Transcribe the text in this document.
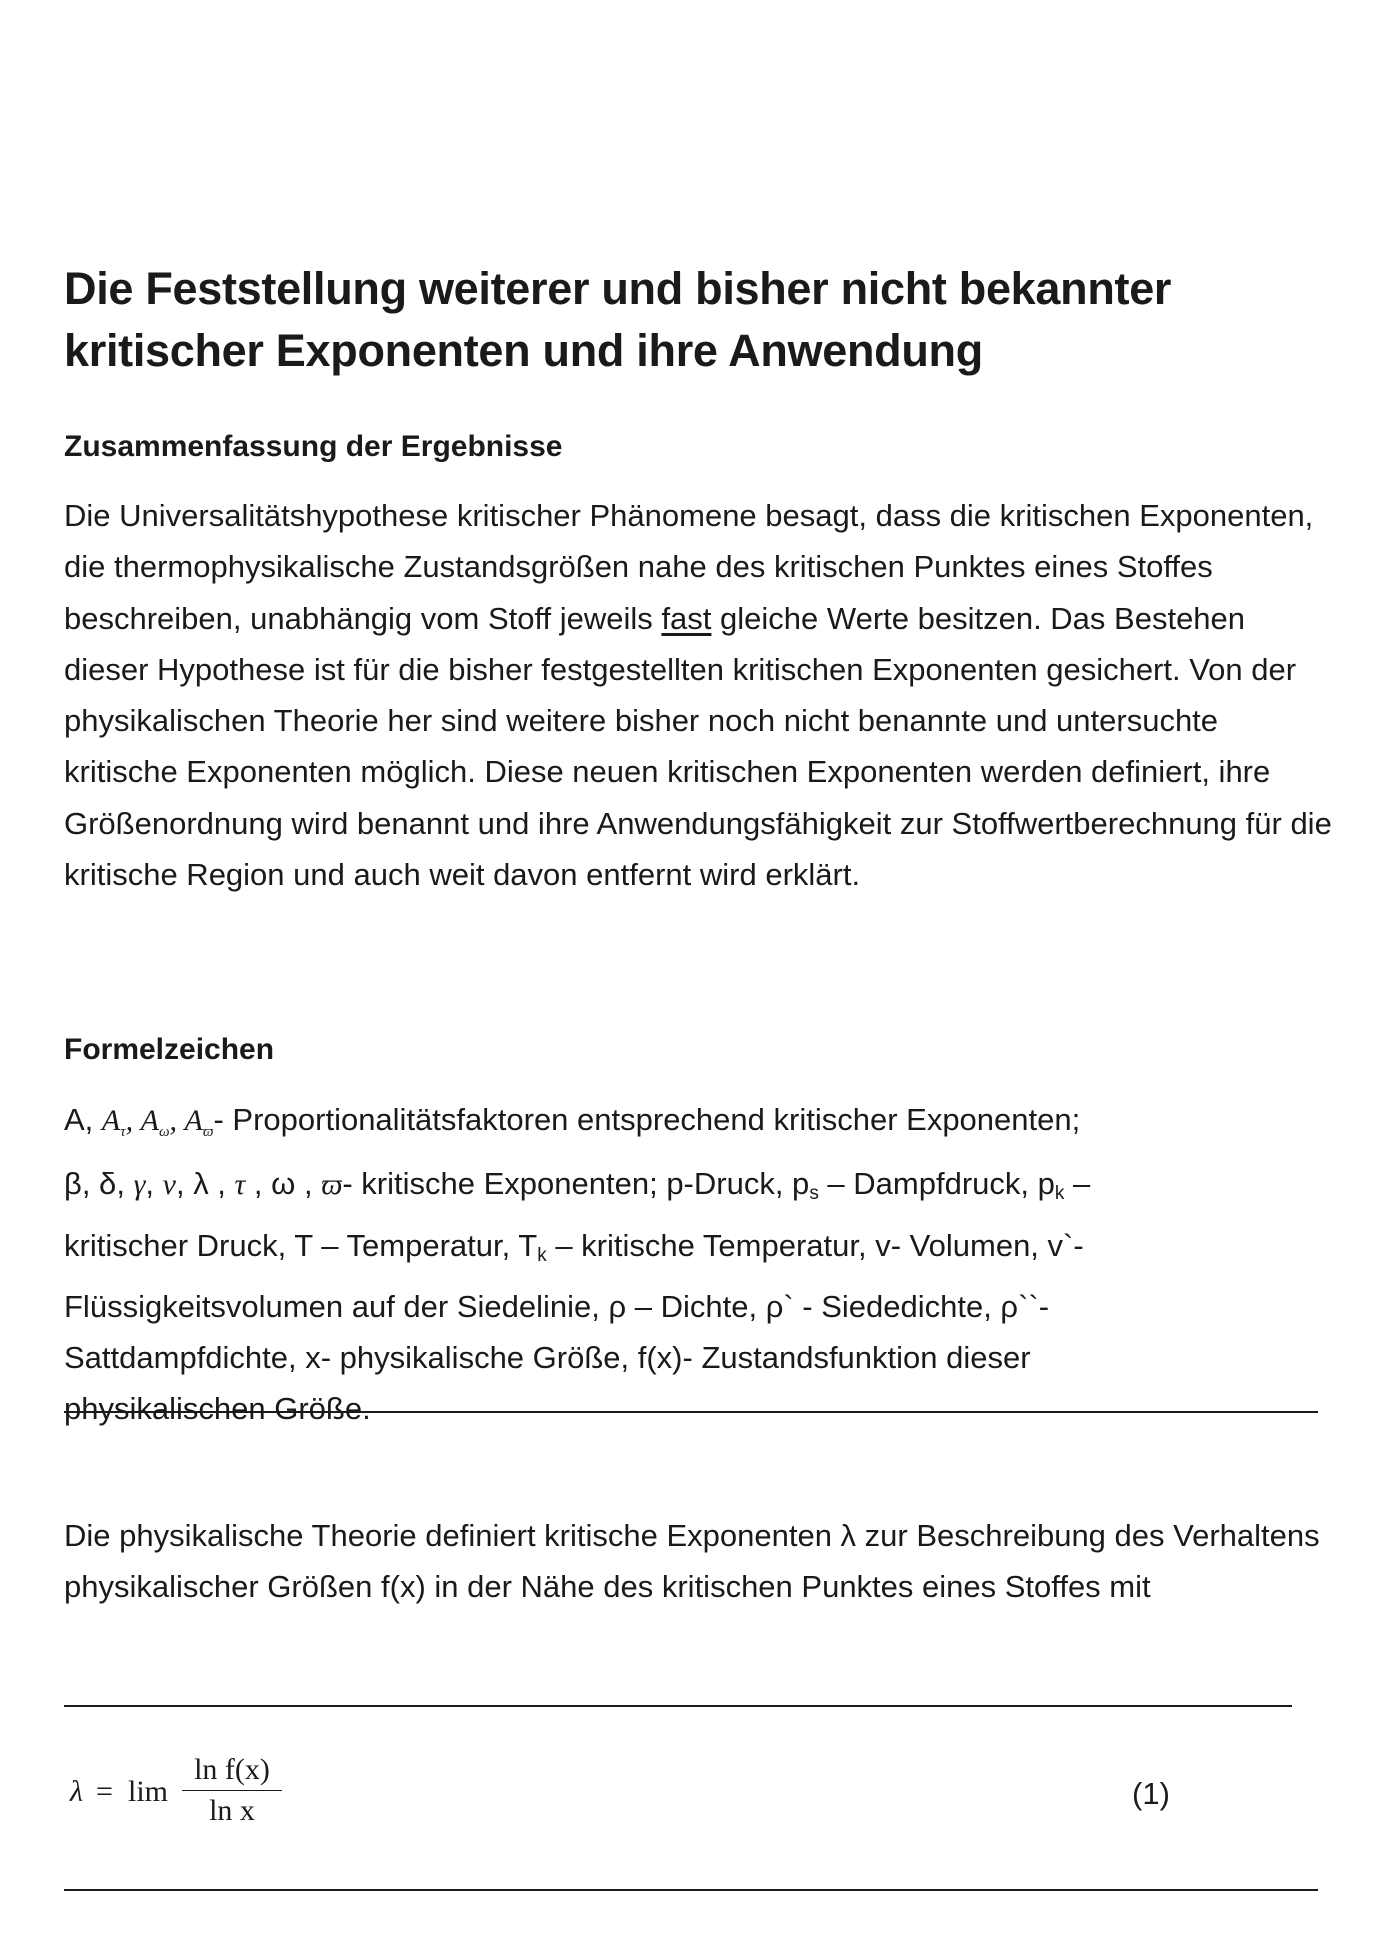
Die Feststellung weiterer und bisher nicht bekannter
kritischer Exponenten und ihre Anwendung
Zusammenfassung der Ergebnisse

Die Universalitätshypothese kritischer Phänomene besagt, dass die kritischen Exponenten, die thermophysikalische Zustandsgrößen nahe des kritischen Punktes eines Stoffes beschreiben, unabhängig vom Stoff jeweils fast gleiche Werte besitzen. Das Bestehen dieser Hypothese ist für die bisher festgestellten kritischen Exponenten gesichert. Von der physikalischen Theorie her sind weitere bisher noch nicht benannte und untersuchte kritische Exponenten möglich. Diese neuen kritischen Exponenten werden definiert, ihre Größenordnung wird benannt und ihre Anwendungsfähigkeit zur Stoffwertberechnung für die kritische Region und auch weit davon entfernt wird erklärt.

Formelzeichen
A, $A_\tau$, $A_\omega$, $A_ϖ-$ Proportionalitätsfaktoren entsprechend kritischer Exponenten;
β, δ, γ, ν, λ , τ , ω , ϖ- kritische Exponenten; p-Druck, ps – Dampfdruck, pk –
kritischer Druck, T – Temperatur, Tk – kritische Temperatur, v- Volumen, v`-
Flüssigkeitsvolumen auf der Siedelinie, ρ – Dichte, ρ` - Siededichte, ρ``-
Sattdampfdichte, x- physikalische Größe, f(x)- Zustandsfunktion dieser
physikalischen Größe.

Die physikalische Theorie definiert kritische Exponenten λ zur Beschreibung des Verhaltens physikalischer Größen f(x) in der Nähe des kritischen Punktes eines Stoffes mit

λ = lim
ln f(x)
ln x	(1)
